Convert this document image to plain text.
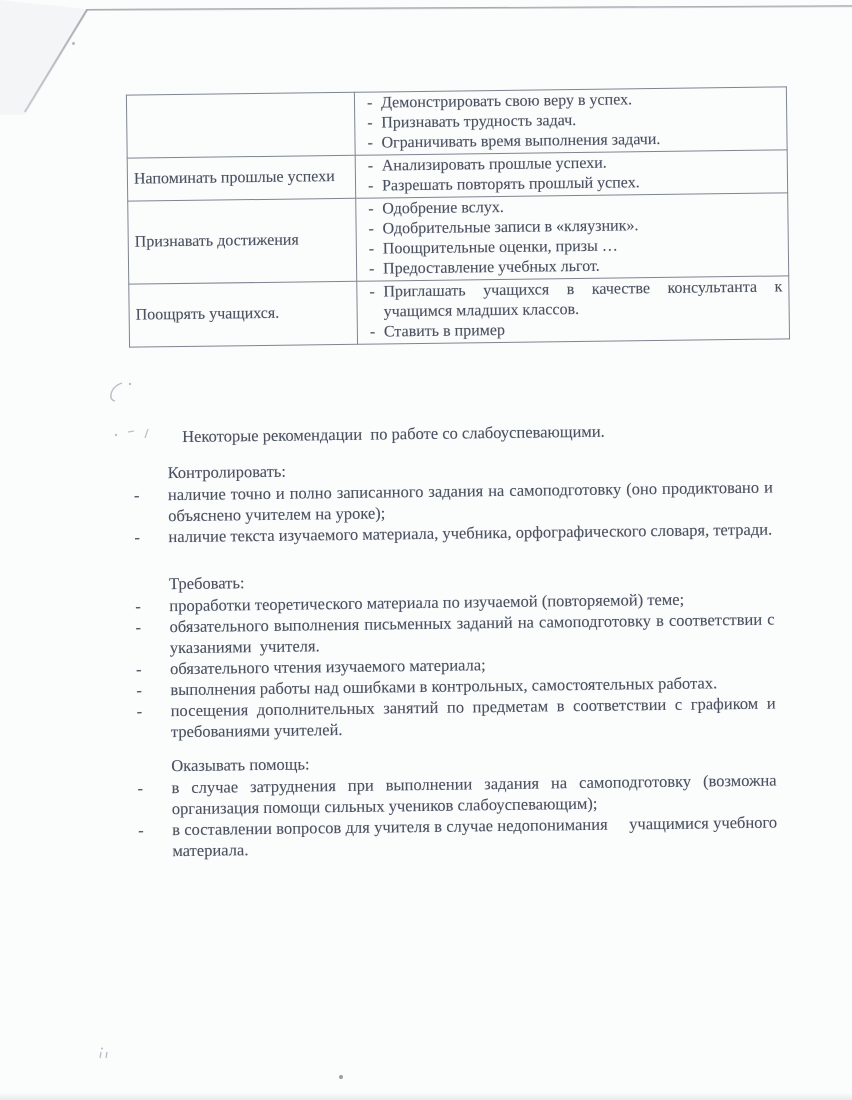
- Демонстрировать свою веру в успех.
- Признавать трудность задач.
- Ограничивать время выполнения задачи.

Напоминать прошлые успехи	
- Анализировать прошлые успехи.
- Разрешать повторять прошлый успех.

Признавать достижения	
- Одобрение вслух.
- Одобрительные записи в «кляузник».
- Поощрительные оценки, призы …
- Предоставление учебных льгот.

Поощрять учащихся.	
- Приглашать учащихся в качестве консультанта к учащимся младших классов.
- Ставить в пример
Некоторые рекомендации  по работе со слабоуспевающими.

Контролировать:

- наличие точно и полно записанного задания на самоподготовку (оно продиктовано и объяснено учителем на уроке);
- наличие текста изучаемого материала, учебника, орфографического словаря, тетради.

Требовать:

- проработки теоретического материала по изучаемой (повторяемой) теме;
- обязательного выполнения письменных заданий на самоподготовку в соответствии с указаниями  учителя.
- обязательного чтения изучаемого материала;
- выполнения работы над ошибками в контрольных, самостоятельных работах.
- посещения дополнительных занятий по предметам в соответствии с графиком и требованиями учителей.

Оказывать помощь:

- в случае затруднения при выполнении задания на самоподготовку (возможна организация помощи сильных учеников слабоуспевающим);
- в составлении вопросов для учителя в случае недопонимания     учащимися учебного материала.
